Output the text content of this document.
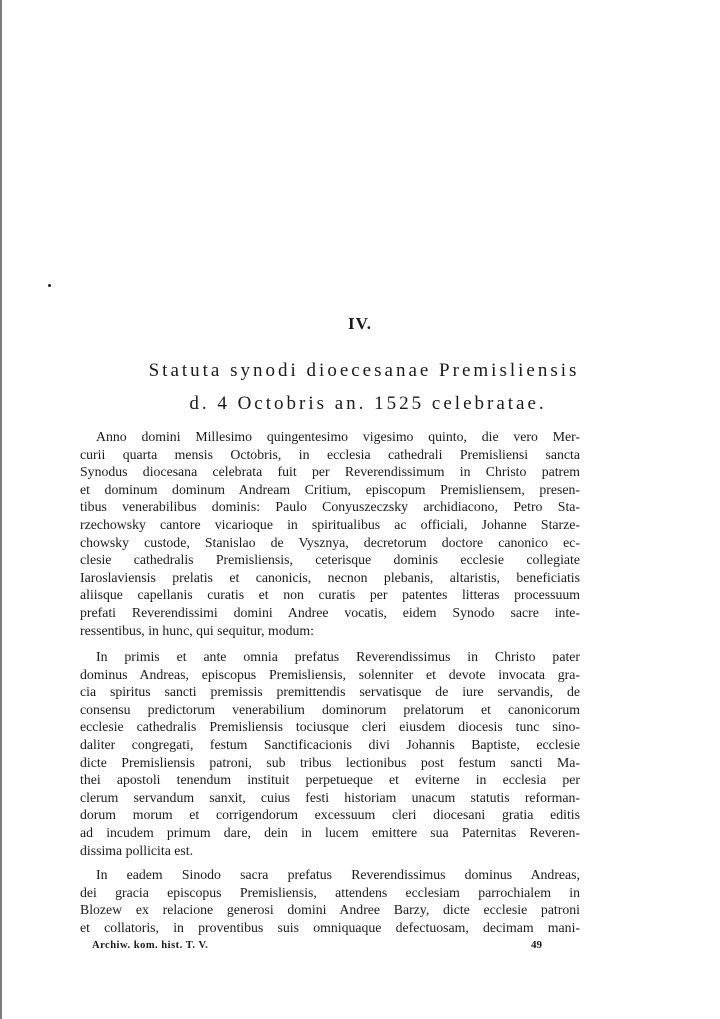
IV.
Statuta synodi dioecesanae Premisliensis
d. 4 Octobris an. 1525 celebratae.
Anno domini Millesimo quingentesimo vigesimo quinto, die vero Mer-
curii quarta mensis Octobris, in ecclesia cathedrali Premisliensi sancta
Synodus diocesana celebrata fuit per Reverendissimum in Christo patrem
et dominum dominum Andream Critium, episcopum Premisliensem, presen-
tibus venerabilibus dominis: Paulo Conyuszeczsky archidiacono, Petro Sta-
rzechowsky cantore vicarioque in spiritualibus ac officiali, Johanne Starze-
chowsky custode, Stanislao de Vysznya, decretorum doctore canonico ec-
clesie cathedralis Premisliensis, ceterisque dominis ecclesie collegiate
Iaroslaviensis prelatis et canonicis, necnon plebanis, altaristis, beneficiatis
aliisque capellanis curatis et non curatis per patentes litteras processuum
prefati Reverendissimi domini Andree vocatis, eidem Synodo sacre inte-
ressentibus, in hunc, qui sequitur, modum:
In primis et ante omnia prefatus Reverendissimus in Christo pater
dominus Andreas, episcopus Premisliensis, solenniter et devote invocata gra-
cia spiritus sancti premissis premittendis servatisque de iure servandis, de
consensu predictorum venerabilium dominorum prelatorum et canonicorum
ecclesie cathedralis Premisliensis tociusque cleri eiusdem diocesis tunc sino-
daliter congregati, festum Sanctificacionis divi Johannis Baptiste, ecclesie
dicte Premisliensis patroni, sub tribus lectionibus post festum sancti Ma-
thei apostoli tenendum instituit perpetueque et eviterne in ecclesia per
clerum servandum sanxit, cuius festi historiam unacum statutis reforman-
dorum morum et corrigendorum excessuum cleri diocesani gratia editis
ad incudem primum dare, dein in lucem emittere sua Paternitas Reveren-
dissima pollicita est.
In eadem Sinodo sacra prefatus Reverendissimus dominus Andreas,
dei gracia episcopus Premisliensis, attendens ecclesiam parrochialem in
Blozew ex relacione generosi domini Andree Barzy, dicte ecclesie patroni
et collatoris, in proventibus suis omniquaque defectuosam, decimam mani-
Archiw. kom. hist. T. V.	49
